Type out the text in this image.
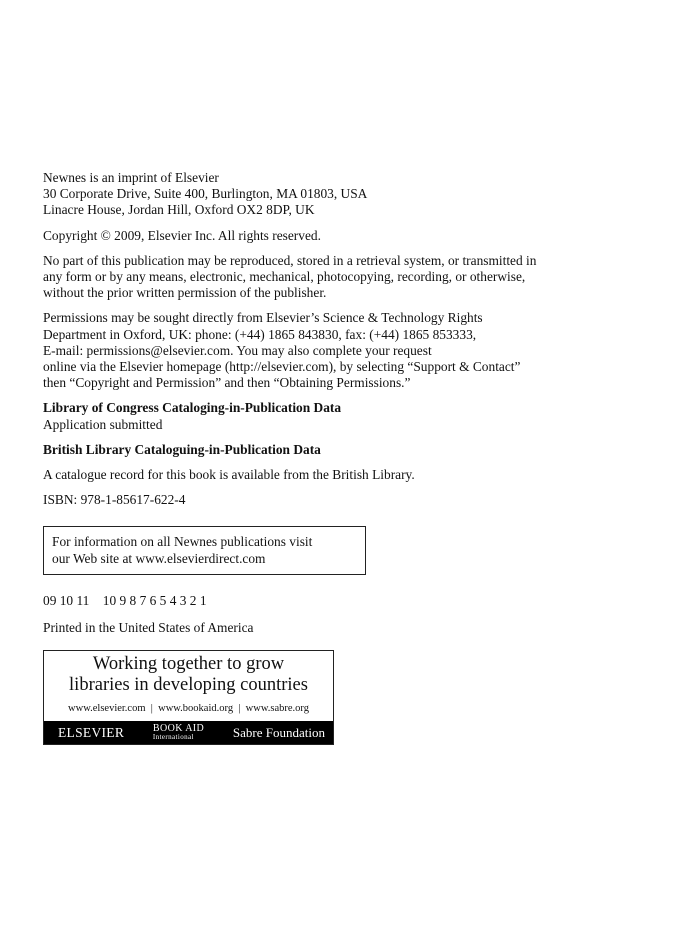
Newnes is an imprint of Elsevier
30 Corporate Drive, Suite 400, Burlington, MA 01803, USA
Linacre House, Jordan Hill, Oxford OX2 8DP, UK
Copyright © 2009, Elsevier Inc. All rights reserved.
No part of this publication may be reproduced, stored in a retrieval system, or transmitted in
any form or by any means, electronic, mechanical, photocopying, recording, or otherwise,
without the prior written permission of the publisher.
Permissions may be sought directly from Elsevier’s Science & Technology Rights
Department in Oxford, UK: phone: (+44) 1865 843830, fax: (+44) 1865 853333,
E-mail: permissions@elsevier.com. You may also complete your request
online via the Elsevier homepage (http://elsevier.com), by selecting “Support & Contact”
then “Copyright and Permission” and then “Obtaining Permissions.”
Library of Congress Cataloging-in-Publication Data
Application submitted
British Library Cataloguing-in-Publication Data
A catalogue record for this book is available from the British Library.
ISBN: 978-1-85617-622-4
For information on all Newnes publications visit
our Web site at www.elsevierdirect.com
09 10 11    10 9 8 7 6 5 4 3 2 1
Printed in the United States of America
Working together to grow
libraries in developing countries
www.elsevier.com  |  www.bookaid.org  |  www.sabre.org
ELSEVIER	BOOK AID
International	Sabre Foundation
